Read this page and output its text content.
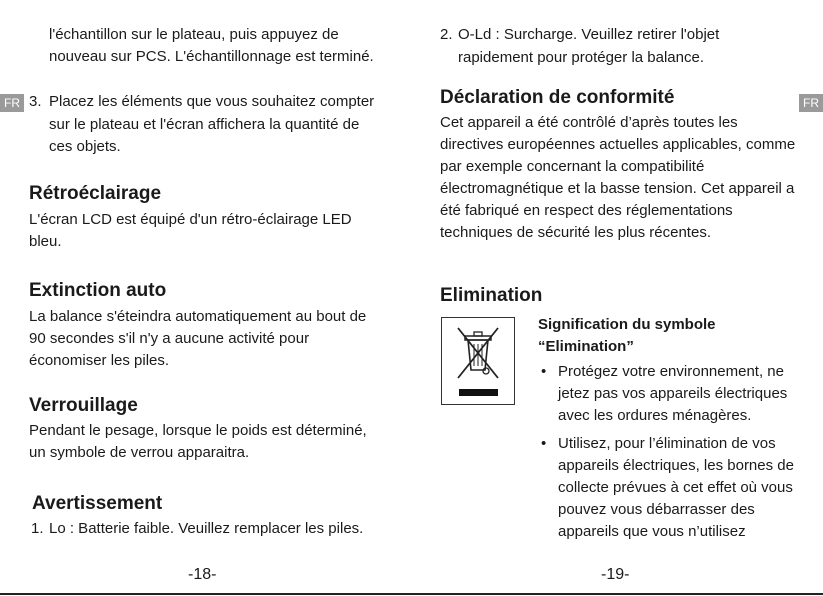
l'échantillon sur le plateau, puis appuyez de nouveau sur PCS. L'échantillonnage est terminé.
FR 3. Placez les éléments que vous souhaitez compter sur le plateau et l'écran affichera la quantité de ces objets.
Rétroéclairage
L'écran LCD est équipé d'un rétro-éclairage LED bleu.
Extinction auto
La balance s'éteindra automatiquement au bout de 90 secondes s'il n'y a aucune activité pour économiser les piles.
Verrouillage
Pendant le pesage, lorsque le poids est déterminé, un symbole de verrou apparaitra.
Avertissement
1. Lo : Batterie faible. Veuillez remplacer les piles.
-18-
2. O-Ld : Surcharge. Veuillez retirer l'objet rapidement pour protéger la balance.
FR
Déclaration de conformité
Cet appareil a été contrôlé d’après toutes les directives européennes actuelles applicables, comme par exemple concernant la compatibilité électromagnétique et la basse tension. Cet appareil a été fabriqué en respect des réglementations techniques de sécurité les plus récentes.
Elimination
Signification du symbole “Elimination”
• Protégez votre environnement, ne jetez pas vos appareils électriques avec les ordures ménagères.
• Utilisez, pour l’élimination de vos appareils électriques, les bornes de collecte prévues à cet effet où vous pouvez vous débarrasser des appareils que vous n’utilisez
-19-
